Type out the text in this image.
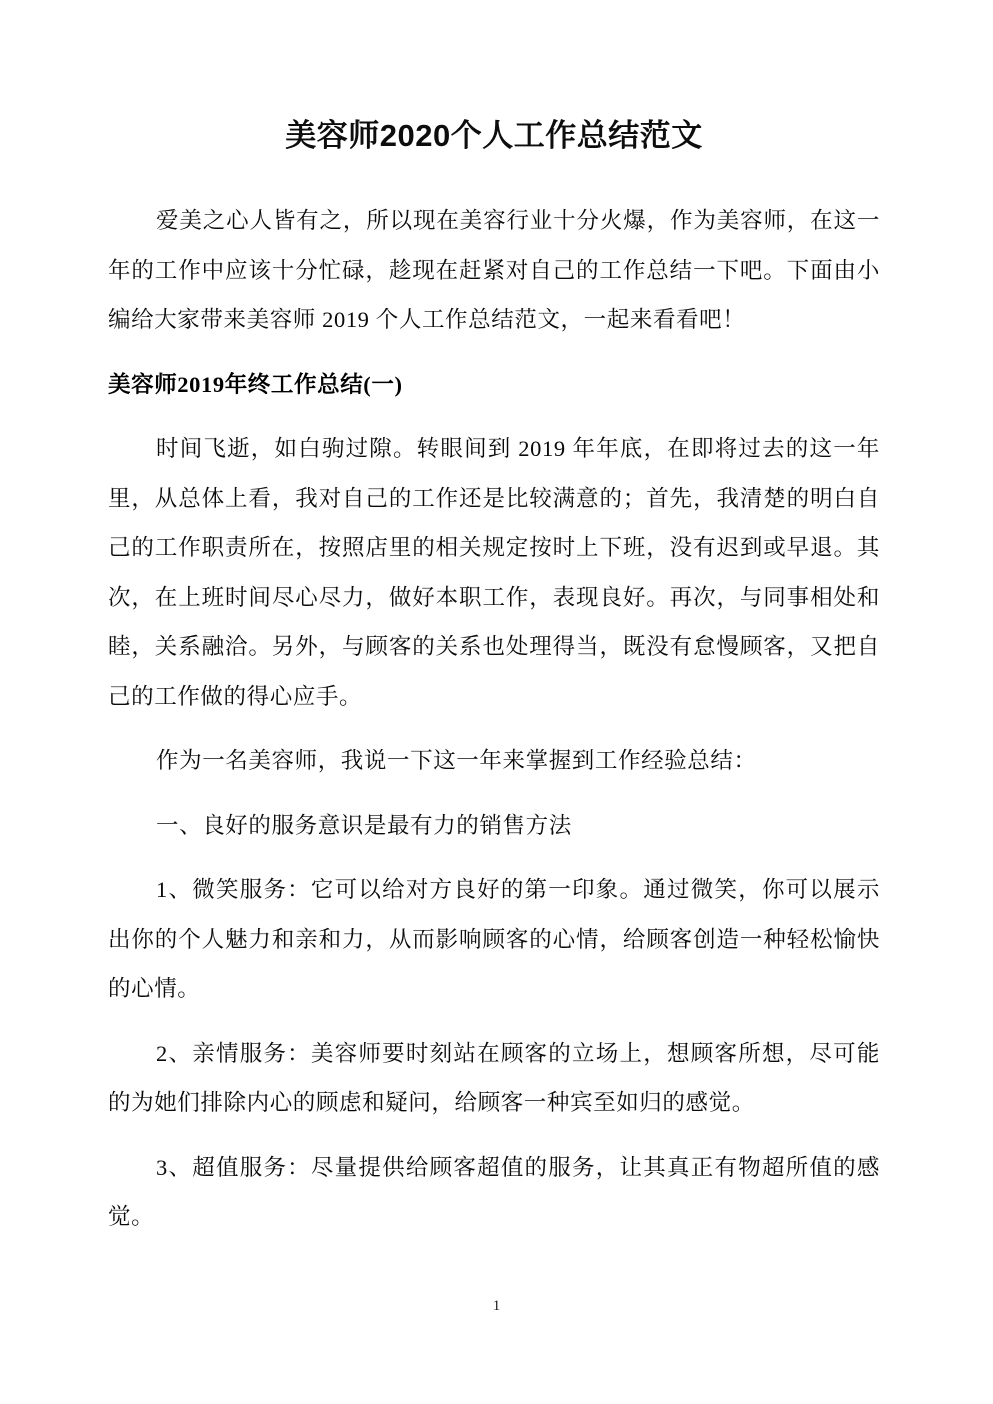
美容师2020个人工作总结范文

爱美之心人皆有之，所以现在美容行业十分火爆，作为美容师，在这一年的工作中应该十分忙碌，趁现在赶紧对自己的工作总结一下吧。下面由小编给大家带来美容师 2019 个人工作总结范文，一起来看看吧！

美容师2019年终工作总结(一)

时间飞逝，如白驹过隙。转眼间到 2019 年年底，在即将过去的这一年里，从总体上看，我对自己的工作还是比较满意的；首先，我清楚的明白自己的工作职责所在，按照店里的相关规定按时上下班，没有迟到或早退。其次，在上班时间尽心尽力，做好本职工作，表现良好。再次，与同事相处和睦，关系融洽。另外，与顾客的关系也处理得当，既没有怠慢顾客，又把自己的工作做的得心应手。

作为一名美容师，我说一下这一年来掌握到工作经验总结：

一、良好的服务意识是最有力的销售方法

1、微笑服务：它可以给对方良好的第一印象。通过微笑，你可以展示出你的个人魅力和亲和力，从而影响顾客的心情，给顾客创造一种轻松愉快的心情。

2、亲情服务：美容师要时刻站在顾客的立场上，想顾客所想，尽可能的为她们排除内心的顾虑和疑问，给顾客一种宾至如归的感觉。

3、超值服务：尽量提供给顾客超值的服务，让其真正有物超所值的感觉。

1
